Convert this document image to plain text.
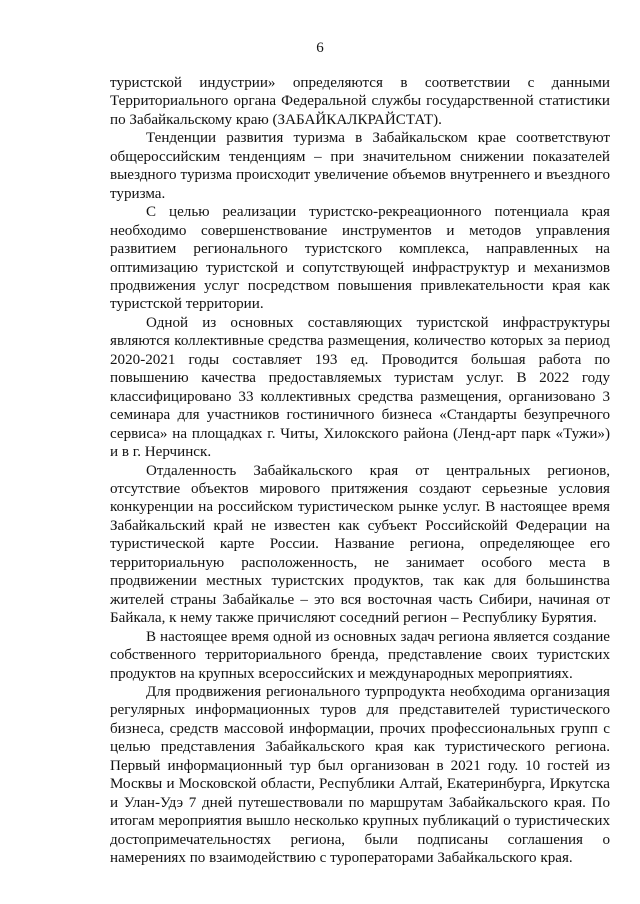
6

туристской индустрии» определяются в соответствии с данными Территориального органа Федеральной службы государственной статистики по Забайкальскому краю (ЗАБАЙКАЛКРАЙСТАТ).

Тенденции развития туризма в Забайкальском крае соответствуют общероссийским тенденциям – при значительном снижении показателей выездного туризма происходит увеличение объемов внутреннего и въездного туризма.

С целью реализации туристско-рекреационного потенциала края необходимо совершенствование инструментов и методов управления развитием регионального туристского комплекса, направленных на оптимизацию туристской и сопутствующей инфраструктур и механизмов продвижения услуг посредством повышения привлекательности края как туристской территории.

Одной из основных составляющих туристской инфраструктуры являются коллективные средства размещения, количество которых за период 2020-2021 годы составляет 193 ед. Проводится большая работа по повышению качества предоставляемых туристам услуг. В 2022 году классифицировано 33 коллективных средства размещения, организовано 3 семинара для участников гостиничного бизнеса «Стандарты безупречного сервиса» на площадках г. Читы, Хилокского района (Ленд-арт парк «Тужи») и в г. Нерчинск.

Отдаленность Забайкальского края от центральных регионов, отсутствие объектов мирового притяжения создают серьезные условия конкуренции на российском туристическом рынке услуг. В настоящее время Забайкальский край не известен как субъект Российскойй Федерации на туристической карте России. Название региона, определяющее его территориальную расположенность, не занимает особого места в продвижении местных туристских продуктов, так как для большинства жителей страны Забайкалье – это вся восточная часть Сибири, начиная от Байкала, к нему также причисляют соседний регион – Республику Бурятия.

В настоящее время одной из основных задач региона является создание собственного территориального бренда, представление своих туристских продуктов на крупных всероссийских и международных мероприятиях.

Для продвижения регионального турпродукта необходима организация регулярных информационных туров для представителей туристического бизнеса, средств массовой информации, прочих профессиональных групп с целью представления Забайкальского края как туристического региона. Первый информационный тур был организован в 2021 году. 10 гостей из Москвы и Московской области, Республики Алтай, Екатеринбурга, Иркутска и Улан-Удэ 7 дней путешествовали по маршрутам Забайкальского края. По итогам мероприятия вышло несколько крупных публикаций о туристических достопримечательностях региона, были подписаны соглашения о намерениях по взаимодействию с туроператорами Забайкальского края.
